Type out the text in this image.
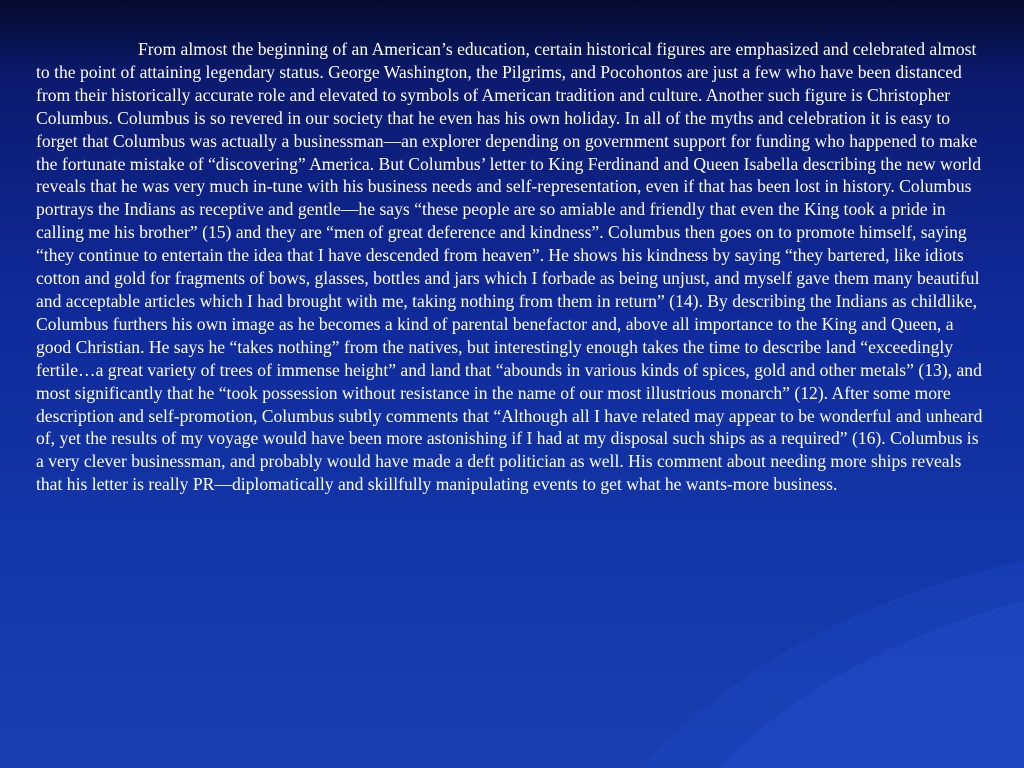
From almost the beginning of an American’s education, certain historical figures are emphasized and celebrated almost to the point of attaining legendary status. George Washington, the Pilgrims, and Pocohontos are just a few who have been distanced from their historically accurate role and elevated to symbols of American tradition and culture. Another such figure is Christopher Columbus. Columbus is so revered in our society that he even has his own holiday. In all of the myths and celebration it is easy to forget that Columbus was actually a businessman—an explorer depending on government support for funding who happened to make the fortunate mistake of “discovering” America. But Columbus’ letter to King Ferdinand and Queen Isabella describing the new world reveals that he was very much in-tune with his business needs and self-representation, even if that has been lost in history. Columbus portrays the Indians as receptive and gentle—he says “these people are so amiable and friendly that even the King took a pride in calling me his brother” (15) and they are “men of great deference and kindness”. Columbus then goes on to promote himself, saying “they continue to entertain the idea that I have descended from heaven”. He shows his kindness by saying “they bartered, like idiots cotton and gold for fragments of bows, glasses, bottles and jars which I forbade as being unjust, and myself gave them many beautiful and acceptable articles which I had brought with me, taking nothing from them in return” (14). By describing the Indians as childlike, Columbus furthers his own image as he becomes a kind of parental benefactor and, above all importance to the King and Queen, a good Christian. He says he “takes nothing” from the natives, but interestingly enough takes the time to describe land “exceedingly fertile…a great variety of trees of immense height” and land that “abounds in various kinds of spices, gold and other metals” (13), and most significantly that he “took possession without resistance in the name of our most illustrious monarch” (12). After some more description and self-promotion, Columbus subtly comments that “Although all I have related may appear to be wonderful and unheard of, yet the results of my voyage would have been more astonishing if I had at my disposal such ships as a required” (16). Columbus is a very clever businessman, and probably would have made a deft politician as well. His comment about needing more ships reveals that his letter is really PR—diplomatically and skillfully manipulating events to get what he wants-more business.
